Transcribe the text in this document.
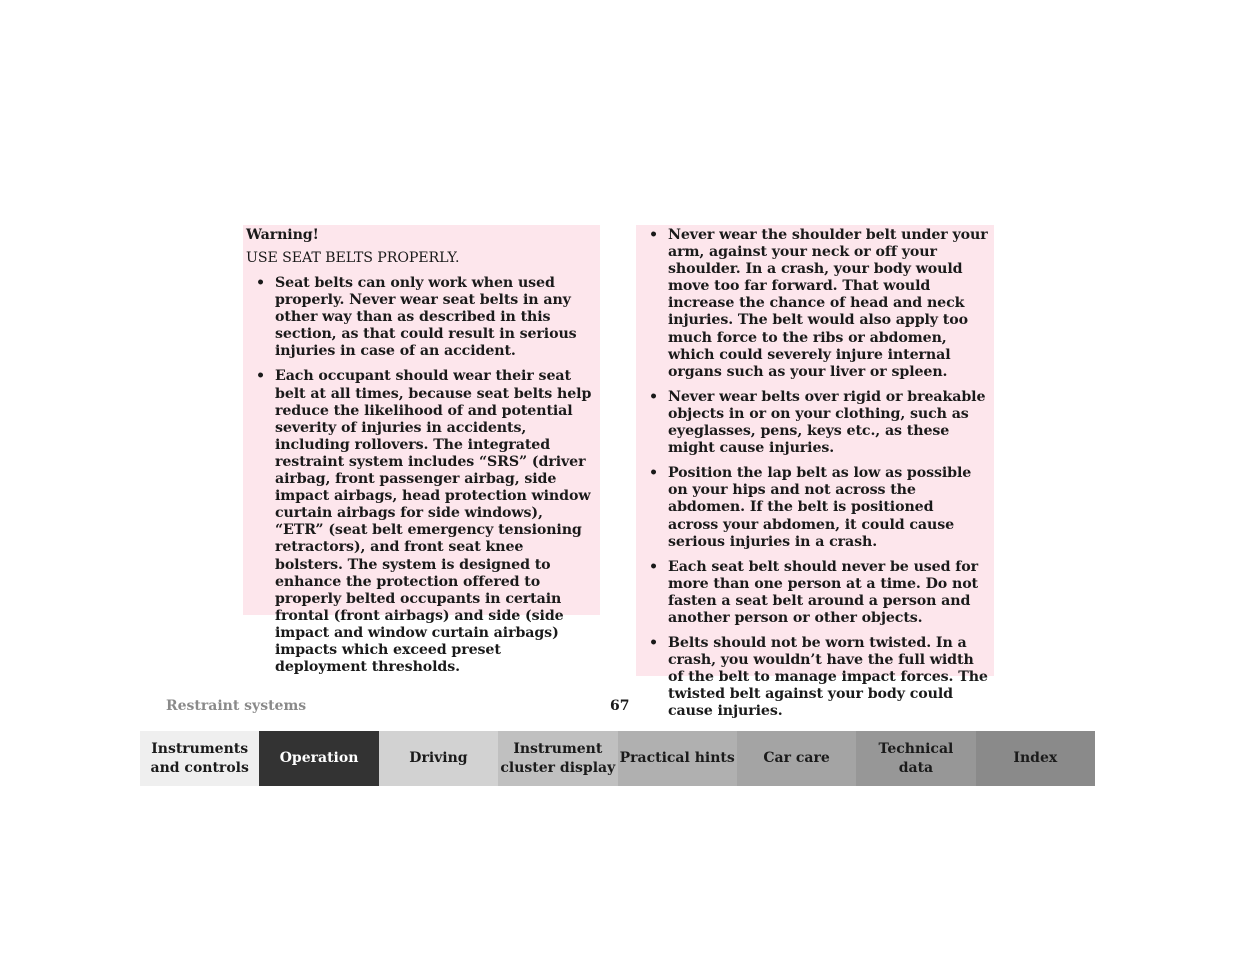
Warning!

USE SEAT BELTS PROPERLY.

• Seat belts can only work when used properly. Never wear seat belts in any other way than as described in this section, as that could result in serious injuries in case of an accident.
• Each occupant should wear their seat belt at all times, because seat belts help reduce the likelihood of and potential severity of injuries in accidents, including rollovers. The integrated restraint system includes “SRS” (driver airbag, front passenger airbag, side impact airbags, head protection window curtain airbags for side windows), “ETR” (seat belt emergency tensioning retractors), and front seat knee bolsters. The system is designed to enhance the protection offered to properly belted occupants in certain frontal (front airbags) and side (side impact and window curtain airbags) impacts which exceed preset deployment thresholds.
• Never wear the shoulder belt under your arm, against your neck or off your shoulder. In a crash, your body would move too far forward. That would increase the chance of head and neck injuries. The belt would also apply too much force to the ribs or abdomen, which could severely injure internal organs such as your liver or spleen.
• Never wear belts over rigid or breakable objects in or on your clothing, such as eyeglasses, pens, keys etc., as these might cause injuries.
• Position the lap belt as low as possible on your hips and not across the abdomen. If the belt is positioned across your abdomen, it could cause serious injuries in a crash.
• Each seat belt should never be used for more than one person at a time. Do not fasten a seat belt around a person and another person or other objects.
• Belts should not be worn twisted. In a crash, you wouldn’t have the full width of the belt to manage impact forces. The twisted belt against your body could cause injuries.
Restraint systems	67
Instruments
and controls
Operation	Driving
Instrument
cluster display
Practical hints	Car care
Technical
data
Index
